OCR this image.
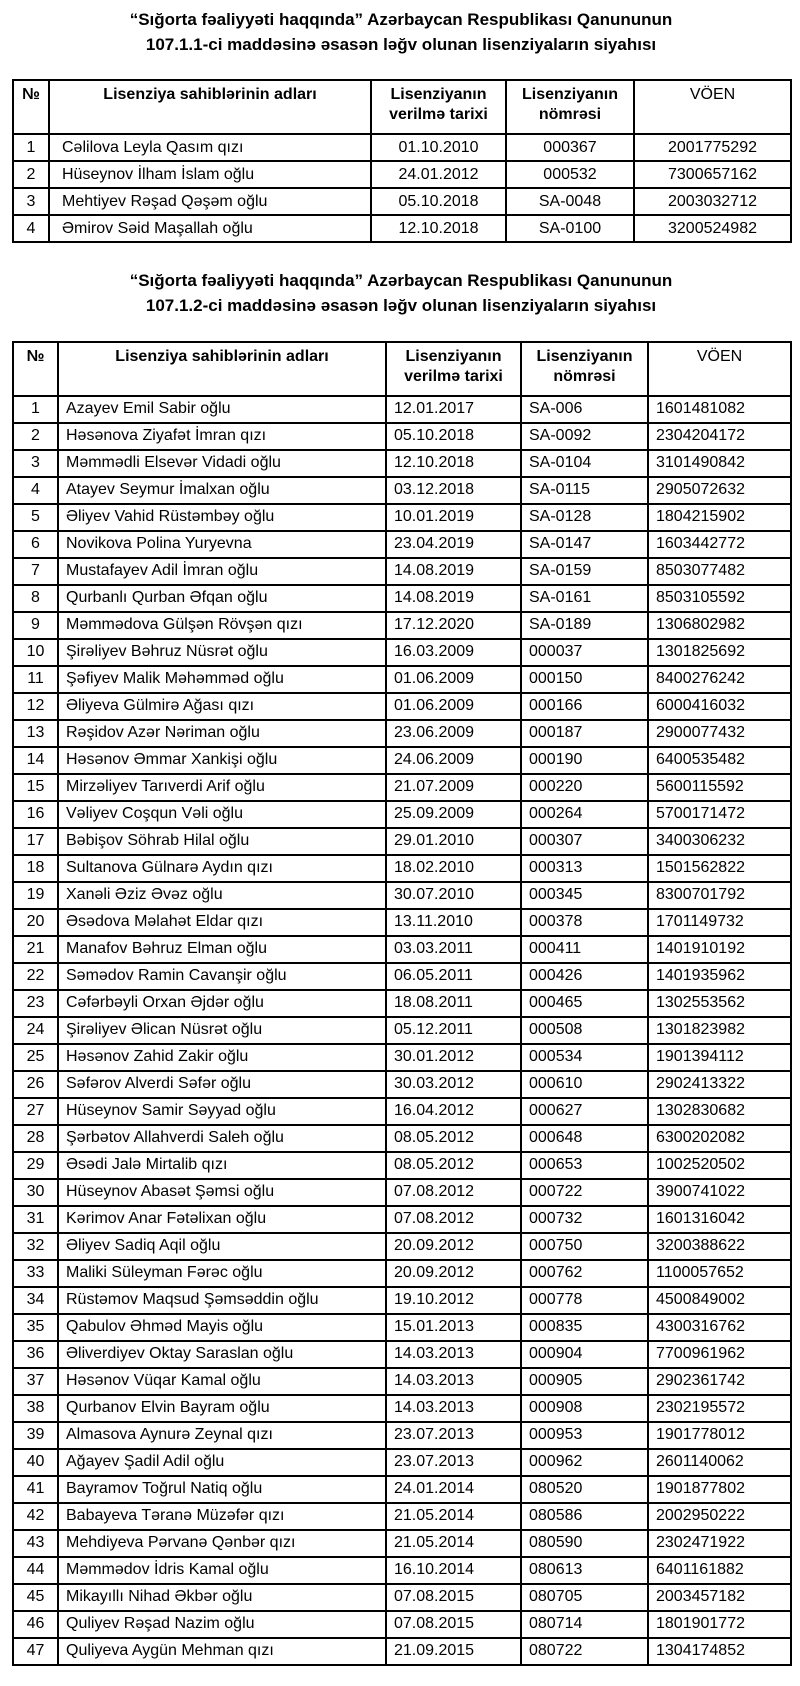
“Sığorta fəaliyyəti haqqında” Azərbaycan Respublikası Qanununun

107.1.1-ci maddəsinə əsasən ləğv olunan lisenziyaların siyahısı

№	Lisenziya sahiblərinin adları	Lisenziyanın verilmə tarixi	Lisenziyanın nömrəsi	VÖEN
1	Cəlilova Leyla Qasım qızı	01.10.2010	000367	2001775292
2	Hüseynov İlham İslam oğlu	24.01.2012	000532	7300657162
3	Mehtiyev Rəşad Qəşəm oğlu	05.10.2018	SA-0048	2003032712
4	Əmirov Səid Maşallah oğlu	12.10.2018	SA-0100	3200524982

“Sığorta fəaliyyəti haqqında” Azərbaycan Respublikası Qanununun

107.1.2-ci maddəsinə əsasən ləğv olunan lisenziyaların siyahısı

№	Lisenziya sahiblərinin adları	Lisenziyanın verilmə tarixi	Lisenziyanın nömrəsi	VÖEN
1	Azayev Emil Sabir oğlu	12.01.2017	SA-006	1601481082
2	Həsənova Ziyafət İmran qızı	05.10.2018	SA-0092	2304204172
3	Məmmədli Elsevər Vidadi oğlu	12.10.2018	SA-0104	3101490842
4	Atayev Seymur İmalxan oğlu	03.12.2018	SA-0115	2905072632
5	Əliyev Vahid Rüstəmbəy oğlu	10.01.2019	SA-0128	1804215902
6	Novikova Polina Yuryevna	23.04.2019	SA-0147	1603442772
7	Mustafayev Adil İmran oğlu	14.08.2019	SA-0159	8503077482
8	Qurbanlı Qurban Əfqan oğlu	14.08.2019	SA-0161	8503105592
9	Məmmədova Gülşən Rövşən qızı	17.12.2020	SA-0189	1306802982
10	Şirəliyev Bəhruz Nüsrət oğlu	16.03.2009	000037	1301825692
11	Şəfiyev Malik Məhəmməd oğlu	01.06.2009	000150	8400276242
12	Əliyeva Gülmirə Ağası qızı	01.06.2009	000166	6000416032
13	Rəşidov Azər Nəriman oğlu	23.06.2009	000187	2900077432
14	Həsənov Əmmar Xankişi oğlu	24.06.2009	000190	6400535482
15	Mirzəliyev Tarıverdi Arif oğlu	21.07.2009	000220	5600115592
16	Vəliyev Coşqun Vəli oğlu	25.09.2009	000264	5700171472
17	Bəbişov Söhrab Hilal oğlu	29.01.2010	000307	3400306232
18	Sultanova Gülnarə Aydın qızı	18.02.2010	000313	1501562822
19	Xanəli Əziz Əvəz oğlu	30.07.2010	000345	8300701792
20	Əsədova Məlahət Eldar qızı	13.11.2010	000378	1701149732
21	Manafov Bəhruz Elman oğlu	03.03.2011	000411	1401910192
22	Səmədov Ramin Cavanşir oğlu	06.05.2011	000426	1401935962
23	Cəfərbəyli Orxan Əjdər oğlu	18.08.2011	000465	1302553562
24	Şirəliyev Əlican Nüsrət oğlu	05.12.2011	000508	1301823982
25	Həsənov Zahid Zakir oğlu	30.01.2012	000534	1901394112
26	Səfərov Alverdi Səfər oğlu	30.03.2012	000610	2902413322
27	Hüseynov Samir Səyyad oğlu	16.04.2012	000627	1302830682
28	Şərbətov Allahverdi Saleh oğlu	08.05.2012	000648	6300202082
29	Əsədi Jalə Mirtalib qızı	08.05.2012	000653	1002520502
30	Hüseynov Abasət Şəmsi oğlu	07.08.2012	000722	3900741022
31	Kərimov Anar Fətəlixan oğlu	07.08.2012	000732	1601316042
32	Əliyev Sadiq Aqil oğlu	20.09.2012	000750	3200388622
33	Maliki Süleyman Fərəc oğlu	20.09.2012	000762	1100057652
34	Rüstəmov Maqsud Şəmsəddin oğlu	19.10.2012	000778	4500849002
35	Qabulov Əhməd Mayis oğlu	15.01.2013	000835	4300316762
36	Əliverdiyev Oktay Saraslan oğlu	14.03.2013	000904	7700961962
37	Həsənov Vüqar Kamal oğlu	14.03.2013	000905	2902361742
38	Qurbanov Elvin Bayram oğlu	14.03.2013	000908	2302195572
39	Almasova Aynurə Zeynal qızı	23.07.2013	000953	1901778012
40	Ağayev Şadil Adil oğlu	23.07.2013	000962	2601140062
41	Bayramov Toğrul Natiq oğlu	24.01.2014	080520	1901877802
42	Babayeva Təranə Müzəfər qızı	21.05.2014	080586	2002950222
43	Mehdiyeva Pərvanə Qənbər qızı	21.05.2014	080590	2302471922
44	Məmmədov İdris Kamal oğlu	16.10.2014	080613	6401161882
45	Mikayıllı Nihad Əkbər oğlu	07.08.2015	080705	2003457182
46	Quliyev Rəşad Nazim oğlu	07.08.2015	080714	1801901772
47	Quliyeva Aygün Mehman qızı	21.09.2015	080722	1304174852
